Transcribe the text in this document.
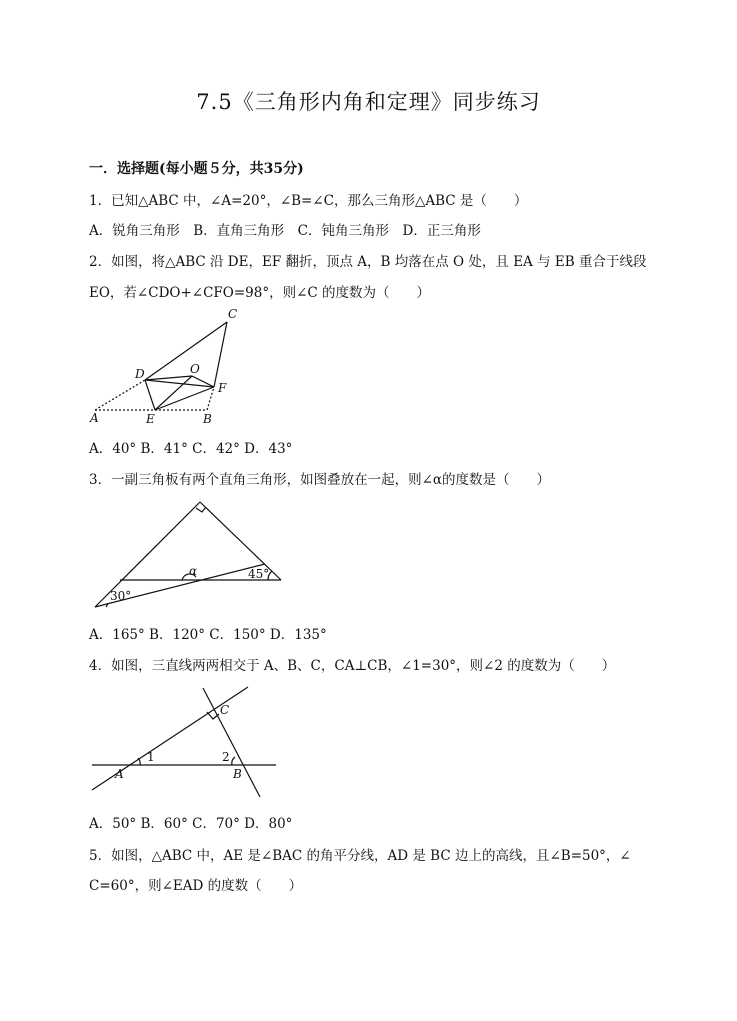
7.5《三角形内角和定理》同步练习
一．选择题(每小题５分，共35分)
1．已知△ABC 中，∠A=20°，∠B=∠C，那么三角形△ABC 是（　　）
A．锐角三角形　B．直角三角形　C．钝角三角形　D．正三角形
2．如图，将△ABC 沿 DE，EF 翻折，顶点 A，B 均落在点 O 处，且 EA 与 EB 重合于线段
EO，若∠CDO+∠CFO=98°，则∠C 的度数为（　　）
C
D	O
F
A	E	B
A．40° B．41° C．42° D．43°
3．一副三角板有两个直角三角形，如图叠放在一起，则∠α的度数是（　　）
α	45°
30°
A．165° B．120° C．150° D．135°
4．如图，三直线两两相交于 A、B、C，CA⊥CB，∠1=30°，则∠2 的度数为（　　）
C
A	B
1	2
A．50° B．60° C．70° D．80°
5．如图，△ABC 中，AE 是∠BAC 的角平分线，AD 是 BC 边上的高线，且∠B=50°，∠
C=60°，则∠EAD 的度数（　　）
